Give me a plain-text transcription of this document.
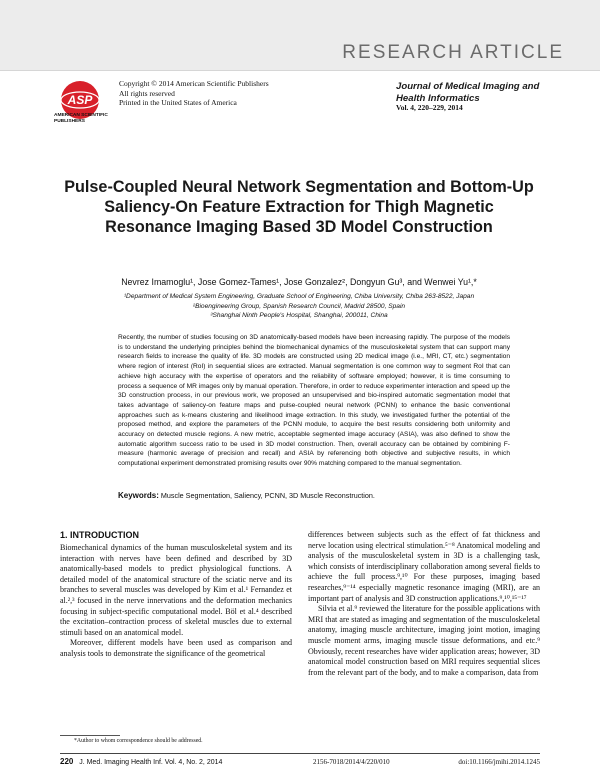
RESEARCH ARTICLE
ASP
AMERICAN SCIENTIFIC PUBLISHERS
Copyright © 2014 American Scientific Publishers
All rights reserved
Printed in the United States of America
Journal of Medical Imaging and Health Informatics
Vol. 4, 220–229, 2014
Pulse-Coupled Neural Network Segmentation and Bottom-Up Saliency-On Feature Extraction for Thigh Magnetic Resonance Imaging Based 3D Model Construction
Nevrez Imamoglu¹, Jose Gomez-Tames¹, Jose Gonzalez², Dongyun Gu³, and Wenwei Yu¹,*
¹Department of Medical System Engineering, Graduate School of Engineering, Chiba University, Chiba 263-8522, Japan
²Bioengineering Group, Spanish Research Council, Madrid 28500, Spain
³Shanghai Ninth People's Hospital, Shanghai, 200011, China
Recently, the number of studies focusing on 3D anatomically-based models have been increasing rapidly. The purpose of the models is to understand the underlying principles behind the biomechanical dynamics of the musculoskeletal system that can support many research fields to increase the quality of life. 3D models are constructed using 2D medical image (i.e., MRI, CT, etc.) segmentation where region of interest (RoI) in sequential slices are extracted. Manual segmentation is one common way to segment RoI that can achieve high accuracy with the expertise of operators and the reliability of software employed; however, it is time consuming to process a sequence of MR images only by manual operation. Therefore, in order to reduce experimenter interaction and speed up the 3D construction process, in our previous work, we proposed an unsupervised and bio-inspired automatic segmentation model that takes advantage of saliency-on feature maps and pulse-coupled neural network (PCNN) to enhance the basic conventional approaches such as k-means clustering and likelihood image extraction. In this study, we investigated further the potential of the proposed method, and explore the parameters of the PCNN module, to acquire the best results considering both uniformity and accuracy on detected muscle regions. A new metric, acceptable segmented image accuracy (ASIA), was also defined to show the automatic algorithm success ratio to be used in 3D model construction. Then, overall accuracy can be obtained by combining F-measure (harmonic average of precision and recall) and ASIA by referencing both objective and subjective results, in which computational experiment demonstrated promising results over 90% matching compared to the manual segmentation.
Keywords: Muscle Segmentation, Saliency, PCNN, 3D Muscle Reconstruction.
1. INTRODUCTION
Biomechanical dynamics of the human musculoskeletal system and its interaction with nerves have been defined and described by 3D anatomically-based models to predict physiological functions. A detailed model of the anatomical structure of the sciatic nerve and its branches to several muscles was developed by Kim et al.¹ Fernandez et al.²,³ focused in the nerve innervations and the deformation mechanics focusing in subject-specific computational model. Böl et al.⁴ described the excitation–contraction process of skeletal muscles due to external stimuli based on an anatomical model.
Moreover, different models have been used as comparison and analysis tools to demonstrate the significance of the geometrical
differences between subjects such as the effect of fat thickness and nerve location using electrical stimulation.⁵⁻⁸ Anatomical modeling and analysis of the musculoskeletal system in 3D is a challenging task, which consists of interdisciplinary collaboration among several fields to achieve the full process.⁹,¹⁰ For these purposes, imaging based researches,⁹⁻¹⁴ especially magnetic resonance imaging (MRI), are an important part of analysis and 3D construction applications.⁹,¹⁰,¹⁵⁻¹⁷
Silvia et al.⁹ reviewed the literature for the possible applications with MRI that are stated as imaging and segmentation of the musculoskeletal anatomy, imaging muscle architecture, imaging joint motion, imaging muscle moment arms, imaging muscle tissue deformations, and etc.⁹ Obviously, recent researches have wider application areas; however, 3D anatomical model construction based on MRI requires sequential slices from the relevant part of the body, and to make a comparison, data from
*Author to whom correspondence should be addressed.
220 J. Med. Imaging Health Inf. Vol. 4, No. 2, 2014	2156-7018/2014/4/220/010	doi:10.1166/jmihi.2014.1245
